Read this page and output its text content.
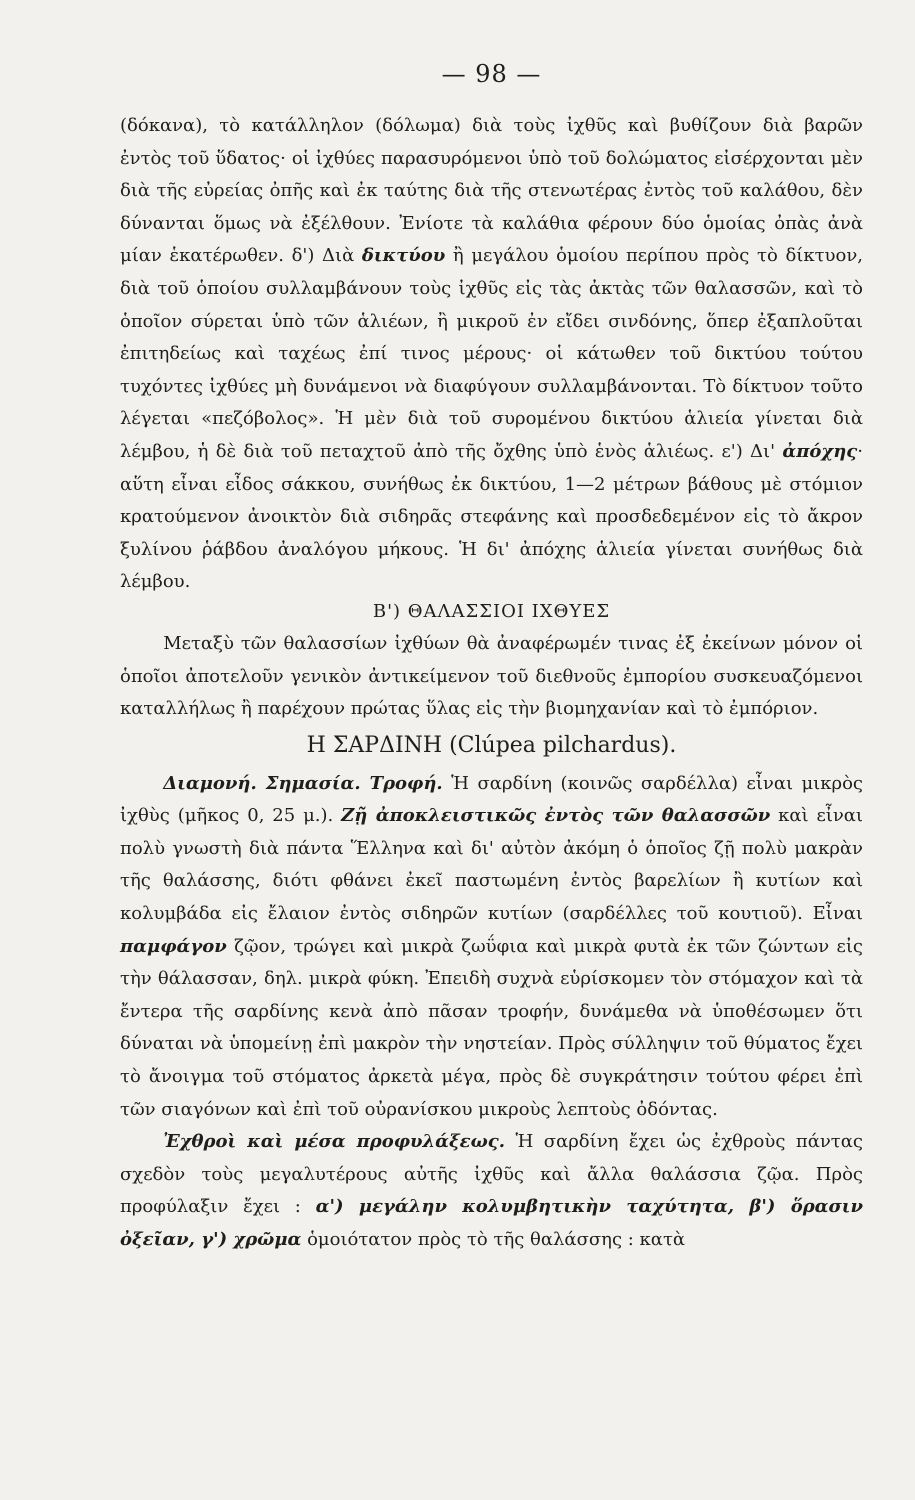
— 98 —

(δόκανα), τὸ κατάλληλον (δόλωμα) διὰ τοὺς ἰχθῦς καὶ βυθίζουν διὰ βαρῶν ἐντὸς τοῦ ὕδατος· οἱ ἰχθύες παρασυρόμενοι ὑπὸ τοῦ δολώματος εἰσέρχονται μὲν διὰ τῆς εὐρείας ὀπῆς καὶ ἐκ ταύτης διὰ τῆς στενωτέρας ἐντὸς τοῦ καλάθου, δὲν δύνανται ὅμως νὰ ἐξέλθουν. Ἐνίοτε τὰ καλάθια φέρουν δύο ὁμοίας ὀπὰς ἀνὰ μίαν ἑκατέρωθεν. δ') Διὰ δικτύου ἢ μεγάλου ὁμοίου περίπου πρὸς τὸ δίκτυον, διὰ τοῦ ὁποίου συλλαμβάνουν τοὺς ἰχθῦς εἰς τὰς ἀκτὰς τῶν θαλασσῶν, καὶ τὸ ὁποῖον σύρεται ὑπὸ τῶν ἁλιέων, ἢ μικροῦ ἐν εἴδει σινδόνης, ὅπερ ἐξαπλοῦται ἐπιτηδείως καὶ ταχέως ἐπί τινος μέρους· οἱ κάτωθεν τοῦ δικτύου τούτου τυχόντες ἰχθύες μὴ δυνάμενοι νὰ διαφύγουν συλλαμβάνονται. Τὸ δίκτυον τοῦτο λέγεται «πεζόβολος». Ἡ μὲν διὰ τοῦ συρομένου δικτύου ἁλιεία γίνεται διὰ λέμβου, ἡ δὲ διὰ τοῦ πεταχτοῦ ἀπὸ τῆς ὄχθης ὑπὸ ἑνὸς ἁλιέως. ε') Δι' ἀπόχης· αὕτη εἶναι εἶδος σάκκου, συνήθως ἐκ δικτύου, 1—2 μέτρων βάθους μὲ στόμιον κρατούμενον ἀνοικτὸν διὰ σιδηρᾶς στεφάνης καὶ προσδεδεμένον εἰς τὸ ἄκρον ξυλίνου ῥάβδου ἀναλόγου μήκους. Ἡ δι' ἀπόχης ἁλιεία γίνεται συνήθως διὰ λέμβου.

Β') ΘΑΛΑΣΣΙΟΙ ΙΧΘΥΕΣ

Μεταξὺ τῶν θαλασσίων ἰχθύων θὰ ἀναφέρωμέν τινας ἐξ ἐκείνων μόνον οἱ ὁποῖοι ἀποτελοῦν γενικὸν ἀντικείμενον τοῦ διεθνοῦς ἐμπορίου συσκευαζόμενοι καταλλήλως ἢ παρέχουν πρώτας ὕλας εἰς τὴν βιομηχανίαν καὶ τὸ ἐμπόριον.

Η ΣΑΡΔΙΝΗ (Clúpea pilchardus).

Διαμονή. Σημασία. Τροφή. Ἡ σαρδίνη (κοινῶς σαρδέλλα) εἶναι μικρὸς ἰχθὺς (μῆκος 0, 25 μ.). Ζῇ ἀποκλειστικῶς ἐντὸς τῶν θαλασσῶν καὶ εἶναι πολὺ γνωστὴ διὰ πάντα Ἕλληνα καὶ δι' αὐτὸν ἀκόμη ὁ ὁποῖος ζῇ πολὺ μακρὰν τῆς θαλάσσης, διότι φθάνει ἐκεῖ παστωμένη ἐντὸς βαρελίων ἢ κυτίων καὶ κολυμβάδα εἰς ἔλαιον ἐντὸς σιδηρῶν κυτίων (σαρδέλλες τοῦ κουτιοῦ). Εἶναι παμφάγον ζῷον, τρώγει καὶ μικρὰ ζωΰφια καὶ μικρὰ φυτὰ ἐκ τῶν ζώντων εἰς τὴν θάλασσαν, δηλ. μικρὰ φύκη. Ἐπειδὴ συχνὰ εὑρίσκομεν τὸν στόμαχον καὶ τὰ ἔντερα τῆς σαρδίνης κενὰ ἀπὸ πᾶσαν τροφήν, δυνάμεθα νὰ ὑποθέσωμεν ὅτι δύναται νὰ ὑπομείνῃ ἐπὶ μακρὸν τὴν νηστείαν. Πρὸς σύλληψιν τοῦ θύματος ἔχει τὸ ἄνοιγμα τοῦ στόματος ἀρκετὰ μέγα, πρὸς δὲ συγκράτησιν τούτου φέρει ἐπὶ τῶν σιαγόνων καὶ ἐπὶ τοῦ οὐρανίσκου μικροὺς λεπτοὺς ὀδόντας.

Ἐχθροὶ καὶ μέσα προφυλάξεως. Ἡ σαρδίνη ἔχει ὡς ἐχθροὺς πάντας σχεδὸν τοὺς μεγαλυτέρους αὐτῆς ἰχθῦς καὶ ἄλλα θαλάσσια ζῷα. Πρὸς προφύλαξιν ἔχει : α') μεγάλην κολυμβητικὴν ταχύτητα, β') ὅρασιν ὀξεῖαν, γ') χρῶμα ὁμοιότατον πρὸς τὸ τῆς θαλάσσης : κατὰ
